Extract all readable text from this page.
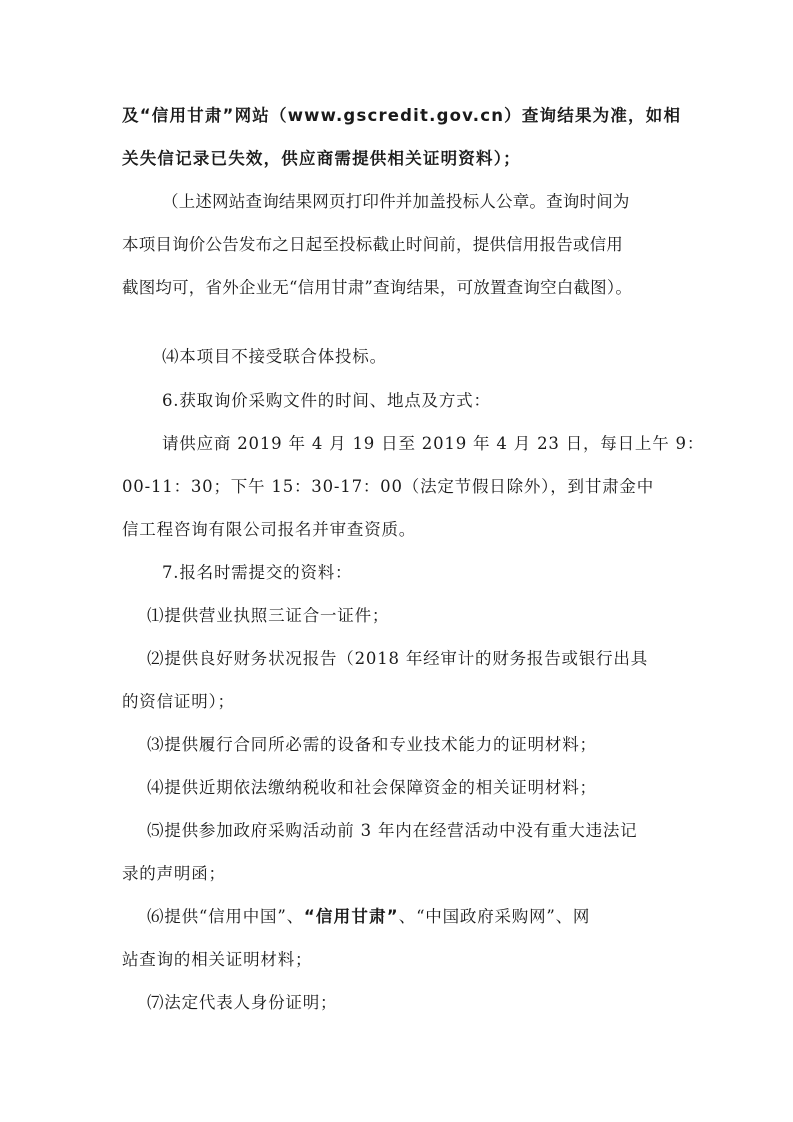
及“信用甘肃”网站（www.gscredit.gov.cn）查询结果为准，如相
关失信记录已失效，供应商需提供相关证明资料）；
（上述网站查询结果网页打印件并加盖投标人公章。查询时间为
本项目询价公告发布之日起至投标截止时间前，提供信用报告或信用
截图均可，省外企业无“信用甘肃”查询结果，可放置查询空白截图）。
⑷本项目不接受联合体投标。
6.获取询价采购文件的时间、地点及方式：
请供应商 2019 年 4 月 19 日至 2019 年 4 月 23 日，每日上午 9：
00-11：30；下午 15：30-17：00（法定节假日除外），到甘肃金中
信工程咨询有限公司报名并审查资质。
7.报名时需提交的资料：
⑴提供营业执照三证合一证件；
⑵提供良好财务状况报告（2018 年经审计的财务报告或银行出具
的资信证明）；
⑶提供履行合同所必需的设备和专业技术能力的证明材料；
⑷提供近期依法缴纳税收和社会保障资金的相关证明材料；
⑸提供参加政府采购活动前 3 年内在经营活动中没有重大违法记
录的声明函；
⑹提供“信用中国”、“信用甘肃”、“中国政府采购网”、网
站查询的相关证明材料；
⑺法定代表人身份证明；
